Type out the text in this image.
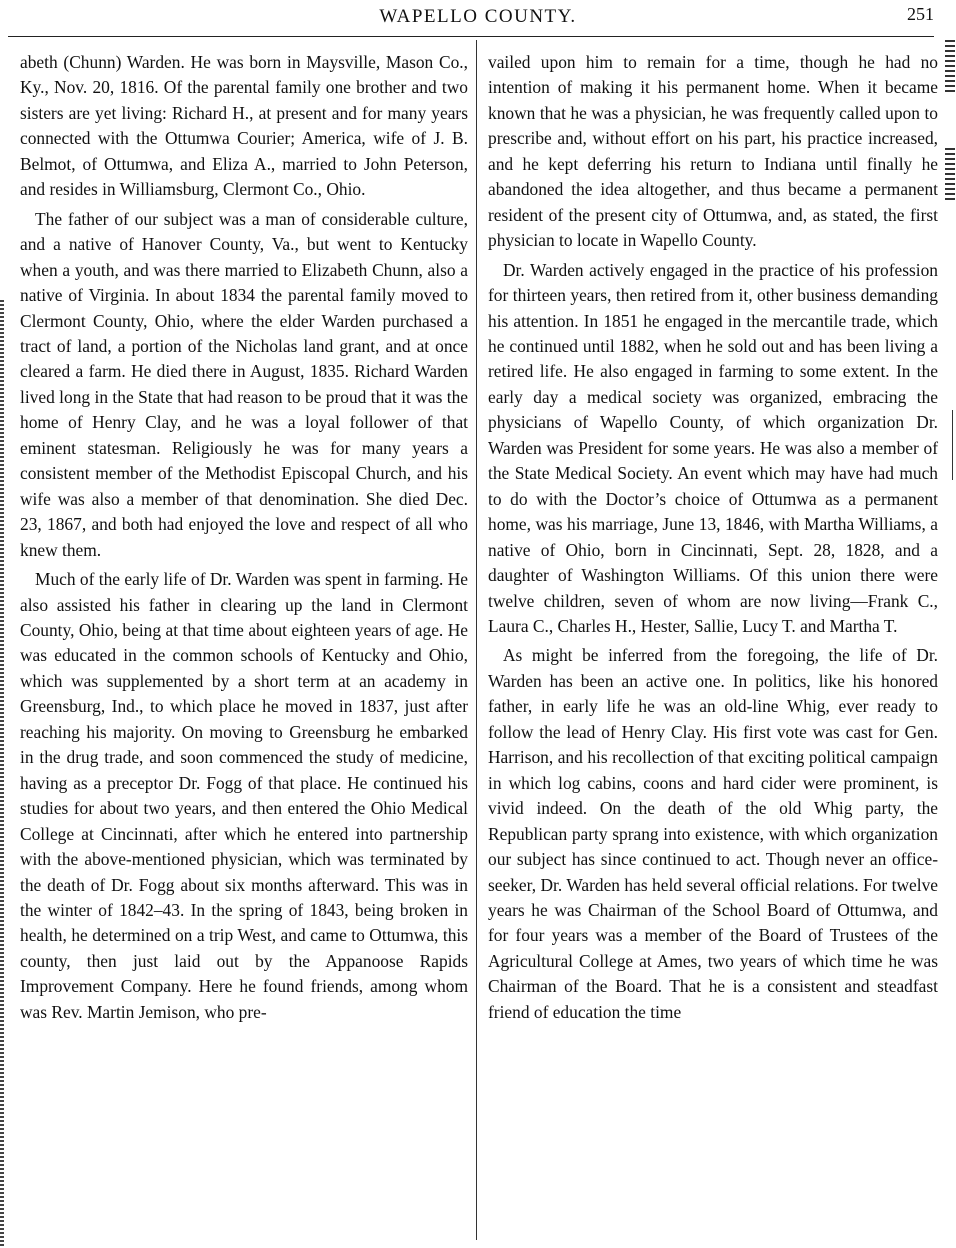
WAPELLO COUNTY.	251

abeth (Chunn) Warden. He was born in Maysville, Mason Co., Ky., Nov. 20, 1816. Of the parental family one brother and two sisters are yet living: Richard H., at present and for many years connected with the Ottumwa Courier; America, wife of J. B. Belmot, of Ottumwa, and Eliza A., married to John Peterson, and resides in Williamsburg, Clermont Co., Ohio.

The father of our subject was a man of considerable culture, and a native of Hanover County, Va., but went to Kentucky when a youth, and was there married to Elizabeth Chunn, also a native of Virginia. In about 1834 the parental family moved to Clermont County, Ohio, where the elder Warden purchased a tract of land, a portion of the Nicholas land grant, and at once cleared a farm. He died there in August, 1835. Richard Warden lived long in the State that had reason to be proud that it was the home of Henry Clay, and he was a loyal follower of that eminent statesman. Religiously he was for many years a consistent member of the Methodist Episcopal Church, and his wife was also a member of that denomination. She died Dec. 23, 1867, and both had enjoyed the love and respect of all who knew them.

Much of the early life of Dr. Warden was spent in farming. He also assisted his father in clearing up the land in Clermont County, Ohio, being at that time about eighteen years of age. He was educated in the common schools of Kentucky and Ohio, which was supplemented by a short term at an academy in Greensburg, Ind., to which place he moved in 1837, just after reaching his majority. On moving to Greensburg he embarked in the drug trade, and soon commenced the study of medicine, having as a preceptor Dr. Fogg of that place. He continued his studies for about two years, and then entered the Ohio Medical College at Cincinnati, after which he entered into partnership with the above-mentioned physician, which was terminated by the death of Dr. Fogg about six months afterward. This was in the winter of 1842–43. In the spring of 1843, being broken in health, he determined on a trip West, and came to Ottumwa, this county, then just laid out by the Appanoose Rapids Improvement Company. Here he found friends, among whom was Rev. Martin Jemison, who pre-

vailed upon him to remain for a time, though he had no intention of making it his permanent home. When it became known that he was a physician, he was frequently called upon to prescribe and, without effort on his part, his practice increased, and he kept deferring his return to Indiana until finally he abandoned the idea altogether, and thus became a permanent resident of the present city of Ottumwa, and, as stated, the first physician to locate in Wapello County.

Dr. Warden actively engaged in the practice of his profession for thirteen years, then retired from it, other business demanding his attention. In 1851 he engaged in the mercantile trade, which he continued until 1882, when he sold out and has been living a retired life. He also engaged in farming to some extent. In the early day a medical society was organized, embracing the physicians of Wapello County, of which organization Dr. Warden was President for some years. He was also a member of the State Medical Society. An event which may have had much to do with the Doctor’s choice of Ottumwa as a permanent home, was his marriage, June 13, 1846, with Martha Williams, a native of Ohio, born in Cincinnati, Sept. 28, 1828, and a daughter of Washington Williams. Of this union there were twelve children, seven of whom are now living—Frank C., Laura C., Charles H., Hester, Sallie, Lucy T. and Martha T.

As might be inferred from the foregoing, the life of Dr. Warden has been an active one. In politics, like his honored father, in early life he was an old-line Whig, ever ready to follow the lead of Henry Clay. His first vote was cast for Gen. Harrison, and his recollection of that exciting political campaign in which log cabins, coons and hard cider were prominent, is vivid indeed. On the death of the old Whig party, the Republican party sprang into existence, with which organization our subject has since continued to act. Though never an office-seeker, Dr. Warden has held several official relations. For twelve years he was Chairman of the School Board of Ottumwa, and for four years was a member of the Board of Trustees of the Agricultural College at Ames, two years of which time he was Chairman of the Board. That he is a consistent and steadfast friend of education the time
